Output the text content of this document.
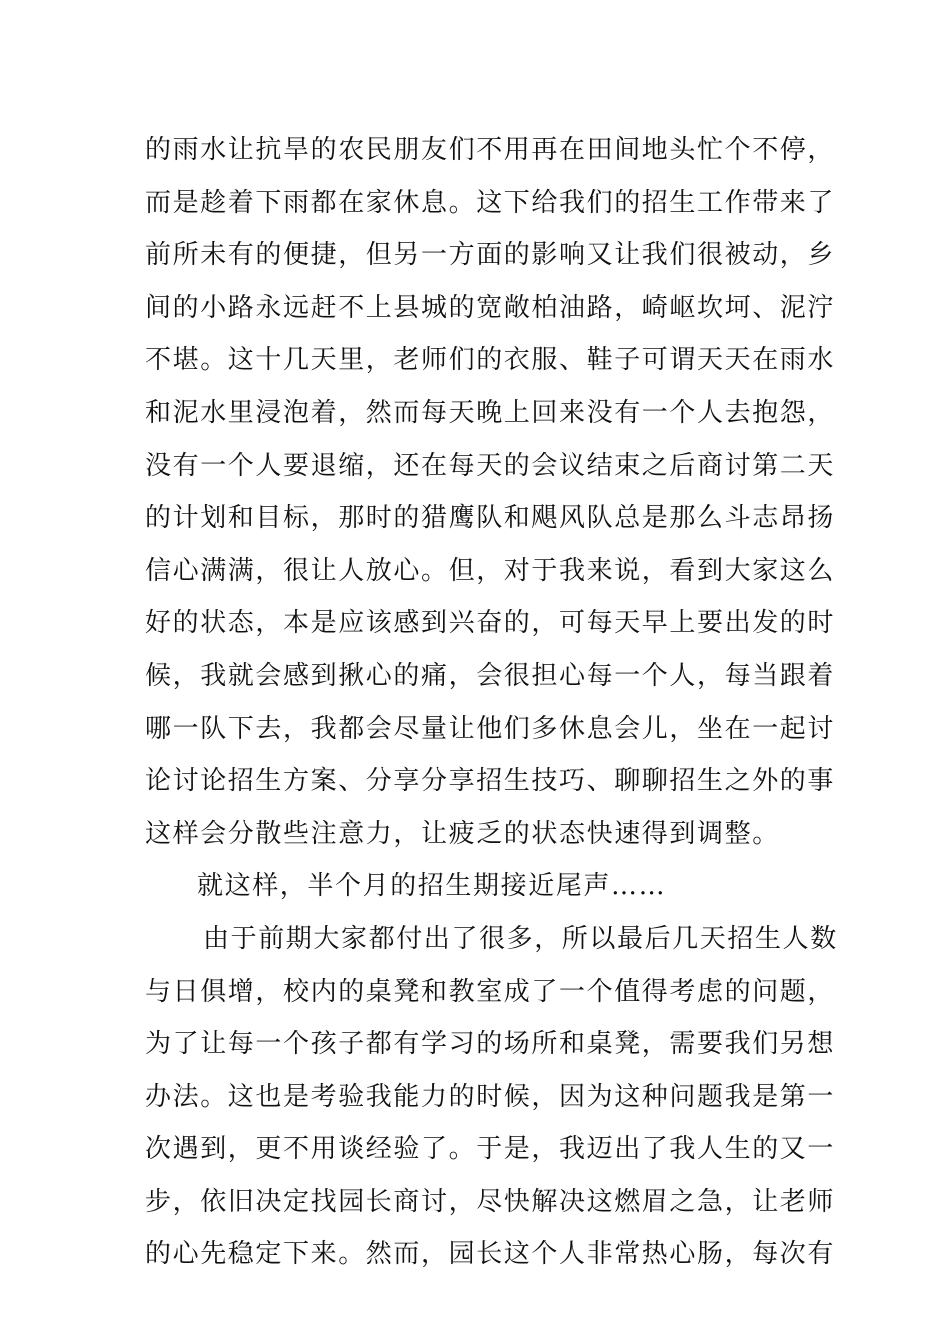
的雨水让抗旱的农民朋友们不用再在田间地头忙个不停，
而是趁着下雨都在家休息。这下给我们的招生工作带来了
前所未有的便捷，但另一方面的影响又让我们很被动，乡
间的小路永远赶不上县城的宽敞柏油路，崎岖坎坷、泥泞
不堪。这十几天里，老师们的衣服、鞋子可谓天天在雨水
和泥水里浸泡着，然而每天晚上回来没有一个人去抱怨，
没有一个人要退缩，还在每天的会议结束之后商讨第二天
的计划和目标，那时的猎鹰队和飓风队总是那么斗志昂扬
信心满满，很让人放心。但，对于我来说，看到大家这么
好的状态，本是应该感到兴奋的，可每天早上要出发的时
候，我就会感到揪心的痛，会很担心每一个人，每当跟着
哪一队下去，我都会尽量让他们多休息会儿，坐在一起讨
论讨论招生方案、分享分享招生技巧、聊聊招生之外的事
这样会分散些注意力，让疲乏的状态快速得到调整。
就这样，半个月的招生期接近尾声……
由于前期大家都付出了很多，所以最后几天招生人数
与日俱增，校内的桌凳和教室成了一个值得考虑的问题，
为了让每一个孩子都有学习的场所和桌凳，需要我们另想
办法。这也是考验我能力的时候，因为这种问题我是第一
次遇到，更不用谈经验了。于是，我迈出了我人生的又一
步，依旧决定找园长商讨，尽快解决这燃眉之急，让老师
的心先稳定下来。然而，园长这个人非常热心肠，每次有
